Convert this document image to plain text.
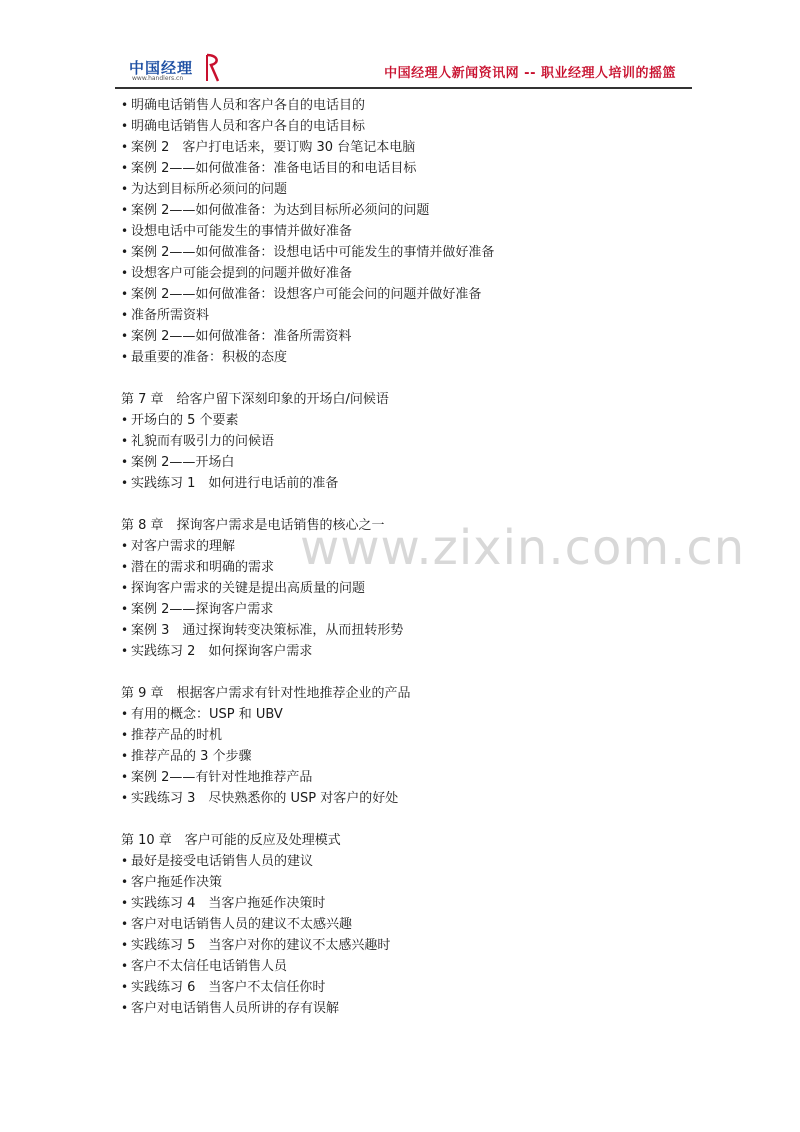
中国经理
www.handlers.cn	中国经理人新闻资讯网 -- 职业经理人培训的摇篮
www.zixin.com.cn
• 明确电话销售人员和客户各自的电话目的
• 明确电话销售人员和客户各自的电话目标
• 案例 2　客户打电话来，要订购 30 台笔记本电脑
• 案例 2——如何做准备：准备电话目的和电话目标
• 为达到目标所必须问的问题
• 案例 2——如何做准备：为达到目标所必须问的问题
• 设想电话中可能发生的事情并做好准备
• 案例 2——如何做准备：设想电话中可能发生的事情并做好准备
• 设想客户可能会提到的问题并做好准备
• 案例 2——如何做准备：设想客户可能会问的问题并做好准备
• 准备所需资料
• 案例 2——如何做准备：准备所需资料
• 最重要的准备：积极的态度
第 7 章　给客户留下深刻印象的开场白/问候语
• 开场白的 5 个要素
• 礼貌而有吸引力的问候语
• 案例 2——开场白
• 实践练习 1　如何进行电话前的准备
第 8 章　探询客户需求是电话销售的核心之一
• 对客户需求的理解
• 潜在的需求和明确的需求
• 探询客户需求的关键是提出高质量的问题
• 案例 2——探询客户需求
• 案例 3　通过探询转变决策标准，从而扭转形势
• 实践练习 2　如何探询客户需求
第 9 章　根据客户需求有针对性地推荐企业的产品
• 有用的概念：USP 和 UBV
• 推荐产品的时机
• 推荐产品的 3 个步骤
• 案例 2——有针对性地推荐产品
• 实践练习 3　尽快熟悉你的 USP 对客户的好处
第 10 章　客户可能的反应及处理模式
• 最好是接受电话销售人员的建议
• 客户拖延作决策
• 实践练习 4　当客户拖延作决策时
• 客户对电话销售人员的建议不太感兴趣
• 实践练习 5　当客户对你的建议不太感兴趣时
• 客户不太信任电话销售人员
• 实践练习 6　当客户不太信任你时
• 客户对电话销售人员所讲的存有误解
